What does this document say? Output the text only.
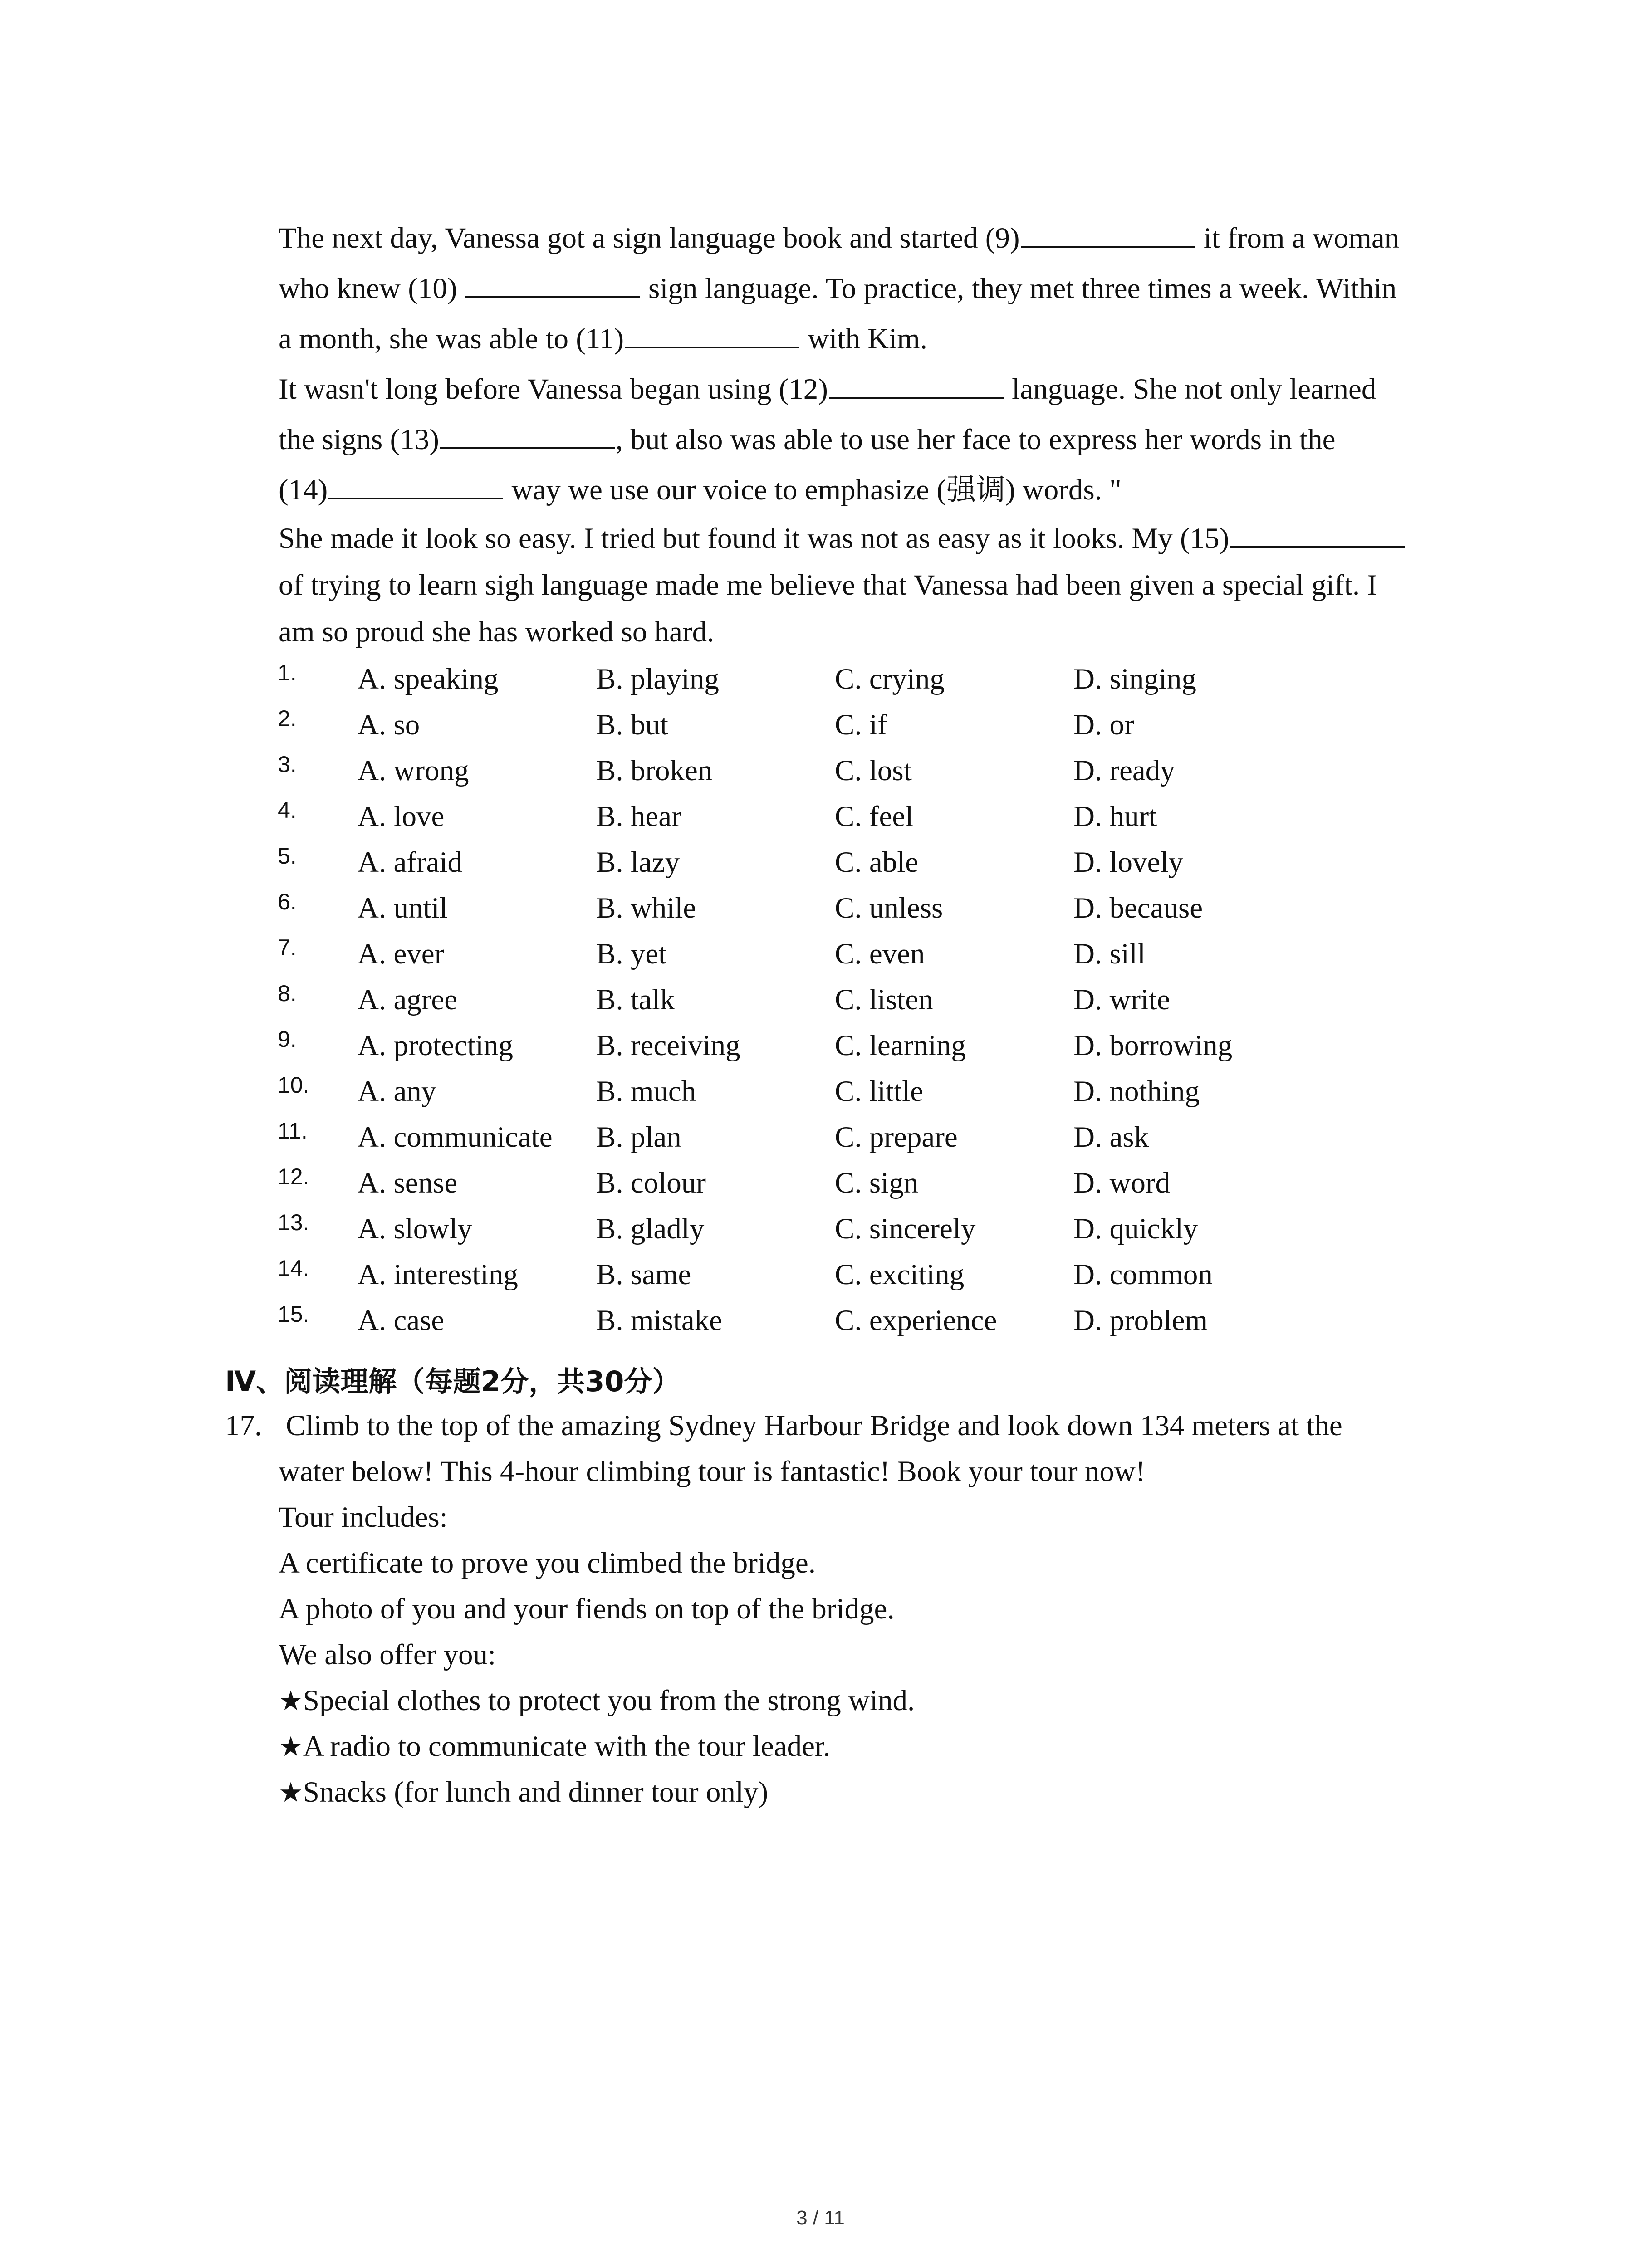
The next day, Vanessa got a sign language book and started (9)	it from a woman
who knew (10)	sign language. To practice, they met three times a week. Within
a month, she was able to (11)	with Kim.
It wasn't long before Vanessa began using (12)	language. She not only learned
the signs (13)	, but also was able to use her face to express her words in the
(14)	way we use our voice to emphasize (强调) words. "
She made it look so easy. I tried but found it was not as easy as it looks. My (15)
of trying to learn sigh language made me believe that Vanessa had been given a special gift. I
am so proud she has worked so hard.
1. A. speaking	B. playing	C. crying	D. singing
2. A. so	B. but	C. if	D. or
3. A. wrong	B. broken	C. lost	D. ready
4. A. love	B. hear	C. feel	D. hurt
5. A. afraid	B. lazy	C. able	D. lovely
6. A. until	B. while	C. unless	D. because
7. A. ever	B. yet	C. even	D. sill
8. A. agree	B. talk	C. listen	D. write
9. A. protecting	B. receiving	C. learning	D. borrowing
10. A. any	B. much	C. little	D. nothing
11. A. communicate B. plan	C. prepare	D. ask
12. A. sense	B. colour	C. sign	D. word
13. A. slowly	B. gladly	C. sincerely	D. quickly
14. A. interesting	B. same	C. exciting	D. common
15. A. case	B. mistake	C. experience	D. problem
Ⅳ、阅读理解（每题2分，共30分）
17. Climb to the top of the amazing Sydney Harbour Bridge and look down 134 meters at the
water below! This 4-hour climbing tour is fantastic! Book your tour now!
Tour includes:
A certificate to prove you climbed the bridge.
A photo of you and your fiends on top of the bridge.
We also offer you:
★Special clothes to protect you from the strong wind.
★A radio to communicate with the tour leader.
★Snacks (for lunch and dinner tour only)
3 / 11
